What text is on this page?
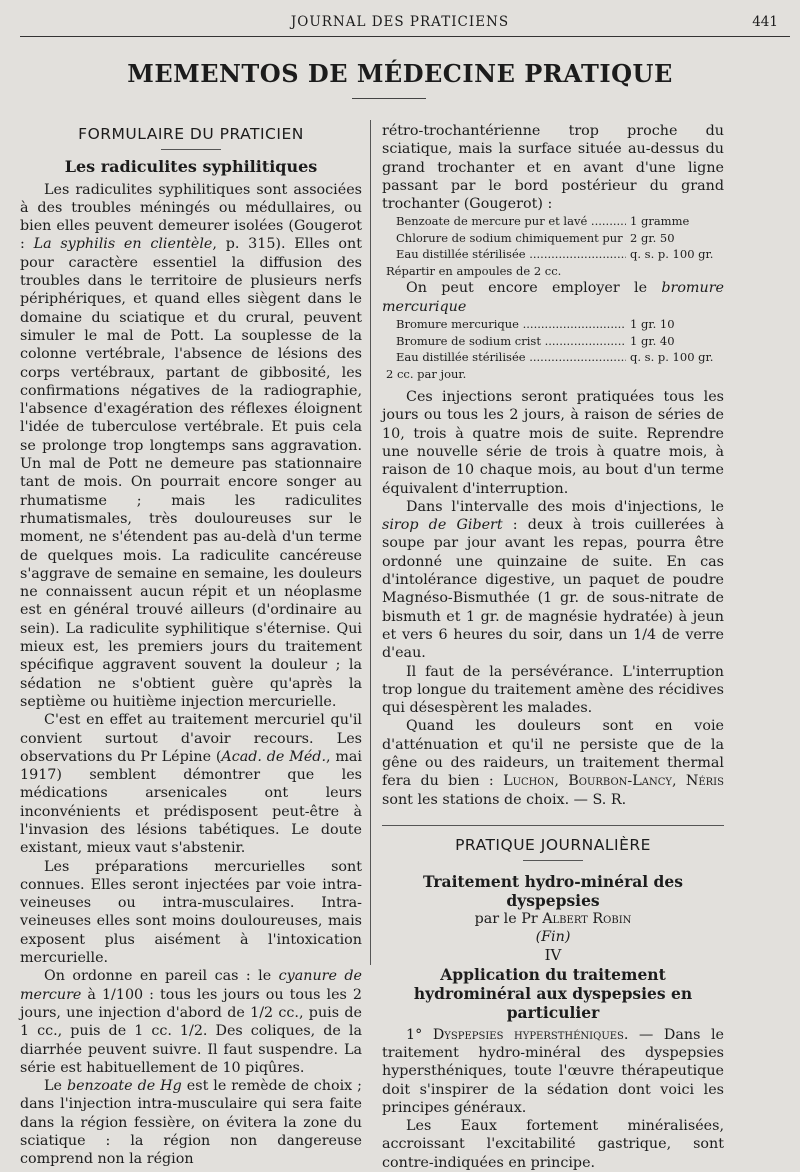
JOURNAL DES PRATICIENS	441
MEMENTOS DE MÉDECINE PRATIQUE

FORMULAIRE DU PRATICIEN

Les radiculites syphilitiques

Les radiculites syphilitiques sont associées à des troubles méningés ou médullaires, ou bien elles peuvent demeurer isolées (Gougerot : La syphilis en clientèle, p. 315). Elles ont pour caractère essentiel la diffusion des troubles dans le territoire de plusieurs nerfs périphériques, et quand elles siègent dans le domaine du sciatique et du crural, peuvent simuler le mal de Pott. La souplesse de la colonne vertébrale, l'absence de lésions des corps vertébraux, partant de gibbosité, les confirmations négatives de la radiographie, l'absence d'exagération des réflexes éloignent l'idée de tuberculose vertébrale. Et puis cela se prolonge trop longtemps sans aggravation. Un mal de Pott ne demeure pas stationnaire tant de mois. On pourrait encore songer au rhumatisme ; mais les radiculites rhumatismales, très douloureuses sur le moment, ne s'étendent pas au-delà d'un terme de quelques mois. La radiculite cancéreuse s'aggrave de semaine en semaine, les douleurs ne connaissent aucun répit et un néoplasme est en général trouvé ailleurs (d'ordinaire au sein). La radiculite syphilitique s'éternise. Qui mieux est, les premiers jours du traitement spécifique aggravent souvent la douleur ; la sédation ne s'obtient guère qu'après la septième ou huitième injection mercurielle.

C'est en effet au traitement mercuriel qu'il convient surtout d'avoir recours. Les observations du Pr Lépine (Acad. de Méd., mai 1917) semblent démontrer que les médications arsenicales ont leurs inconvénients et prédisposent peut-être à l'invasion des lésions tabétiques. Le doute existant, mieux vaut s'abstenir.

Les préparations mercurielles sont connues. Elles seront injectées par voie intra-veineuses ou intra-musculaires. Intra-veineuses elles sont moins douloureuses, mais exposent plus aisément à l'intoxication mercurielle.

On ordonne en pareil cas : le cyanure de mercure à 1/100 : tous les jours ou tous les 2 jours, une injection d'abord de 1/2 cc., puis de 1 cc., puis de 1 cc. 1/2. Des coliques, de la diarrhée peuvent suivre. Il faut suspendre. La série est habituellement de 10 piqûres.

Le benzoate de Hg est le remède de choix ; dans l'injection intra-musculaire qui sera faite dans la région fessière, on évitera la zone du sciatique : la région non dangereuse comprend non la région

rétro-trochantérienne trop proche du sciatique, mais la surface située au-dessus du grand trochanter et en avant d'une ligne passant par le bord postérieur du grand trochanter (Gougerot) :

Benzoate de mercure pur et lavé .....	1 gramme
Chlorure de sodium chimiquement pur ..... 2 gr. 50
Eau distillée stérilisée .....	q. s. p. 100 gr.
Répartir en ampoules de 2 cc.

On peut encore employer le bromure mercurique

Bromure mercurique .....	1 gr. 10
Bromure de sodium crist .....	1 gr. 40
Eau distillée stérilisée .....	q. s. p. 100 gr.
2 cc. par jour.

Ces injections seront pratiquées tous les jours ou tous les 2 jours, à raison de séries de 10, trois à quatre mois de suite. Reprendre une nouvelle série de trois à quatre mois, à raison de 10 chaque mois, au bout d'un terme équivalent d'interruption.

Dans l'intervalle des mois d'injections, le sirop de Gibert : deux à trois cuillerées à soupe par jour avant les repas, pourra être ordonné une quinzaine de suite. En cas d'intolérance digestive, un paquet de poudre Magnéso-Bismuthée (1 gr. de sous-nitrate de bismuth et 1 gr. de magnésie hydratée) à jeun et vers 6 heures du soir, dans un 1/4 de verre d'eau.

Il faut de la persévérance. L'interruption trop longue du traitement amène des récidives qui désespèrent les malades.

Quand les douleurs sont en voie d'atténuation et qu'il ne persiste que de la gêne ou des raideurs, un traitement thermal fera du bien : Luchon, Bourbon-Lancy, Néris sont les stations de choix. — S. R.

PRATIQUE JOURNALIÈRE

Traitement hydro-minéral des dyspepsies

par le Pr Albert Robin

(Fin)

IV

Application du traitement hydrominéral aux dyspepsies en particulier

1° Dyspepsies hypersthéniques. — Dans le traitement hydro-minéral des dyspepsies hypersthéniques, toute l'œuvre thérapeutique doit s'inspirer de la sédation dont voici les principes généraux.

Les Eaux fortement minéralisées, accroissant l'excitabilité gastrique, sont contre-indiquées en principe.
